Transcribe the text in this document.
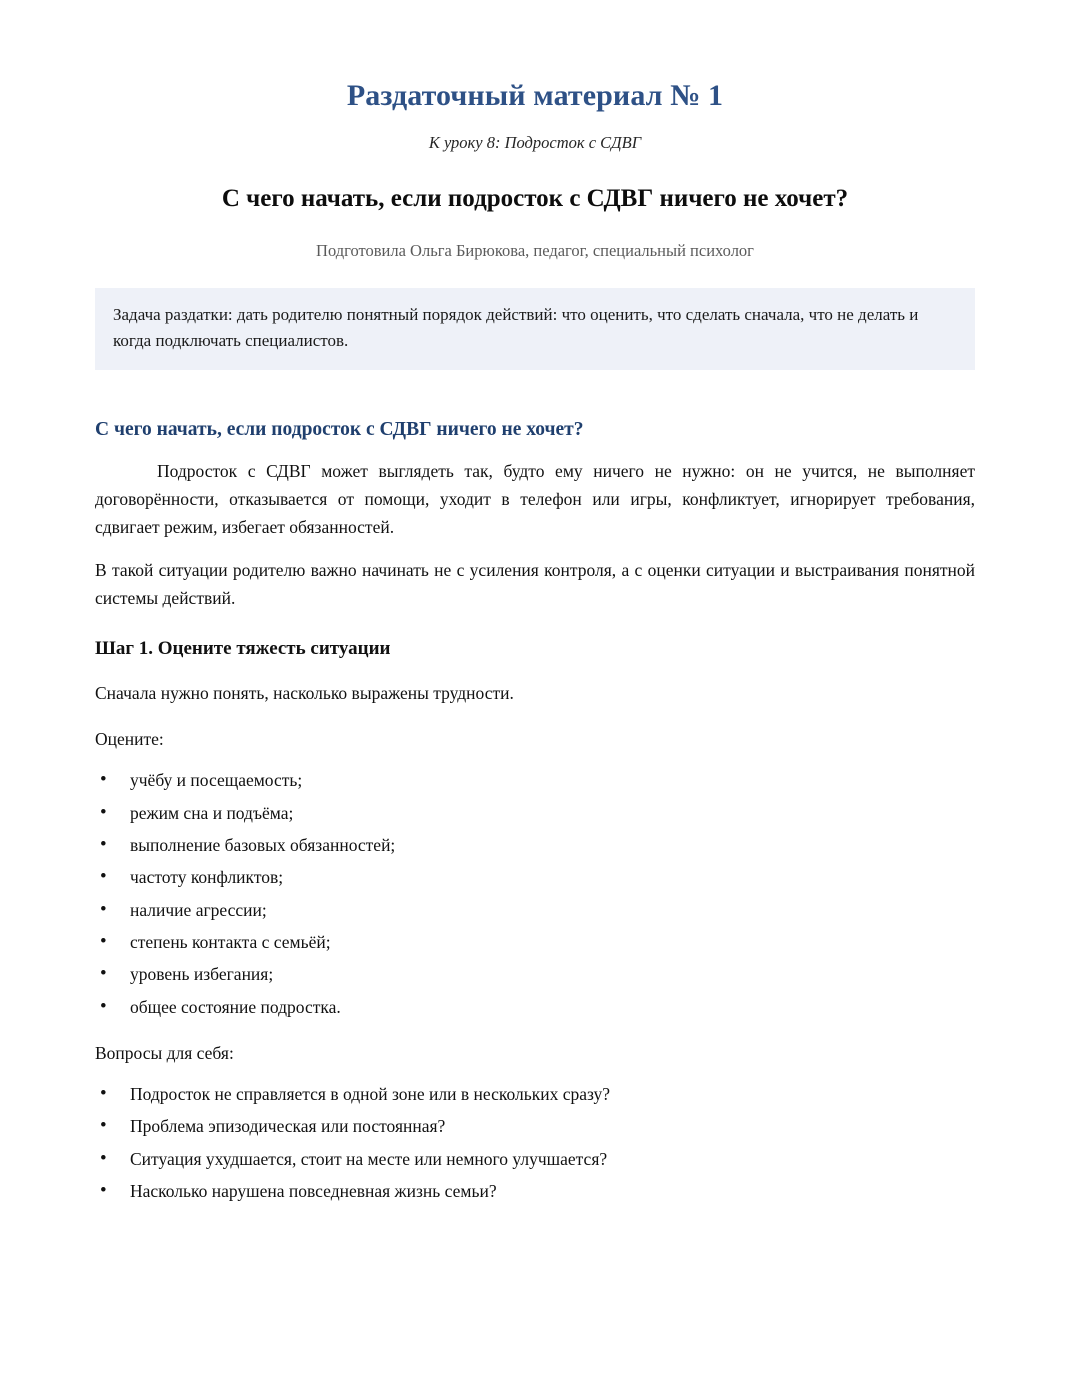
Раздаточный материал № 1

К уроку 8: Подросток с СДВГ

С чего начать, если подросток с СДВГ ничего не хочет?

Подготовила Ольга Бирюкова, педагог, специальный психолог

Задача раздатки: дать родителю понятный порядок действий: что оценить, что сделать сначала, что не делать и когда подключать специалистов.

С чего начать, если подросток с СДВГ ничего не хочет?

Подросток с СДВГ может выглядеть так, будто ему ничего не нужно: он не учится, не выполняет договорённости, отказывается от помощи, уходит в телефон или игры, конфликтует, игнорирует требования, сдвигает режим, избегает обязанностей.

В такой ситуации родителю важно начинать не с усиления контроля, а с оценки ситуации и выстраивания понятной системы действий.

Шаг 1. Оцените тяжесть ситуации

Сначала нужно понять, насколько выражены трудности.

Оцените:

• учёбу и посещаемость;
• режим сна и подъёма;
• выполнение базовых обязанностей;
• частоту конфликтов;
• наличие агрессии;
• степень контакта с семьёй;
• уровень избегания;
• общее состояние подростка.

Вопросы для себя:

• Подросток не справляется в одной зоне или в нескольких сразу?
• Проблема эпизодическая или постоянная?
• Ситуация ухудшается, стоит на месте или немного улучшается?
• Насколько нарушена повседневная жизнь семьи?
